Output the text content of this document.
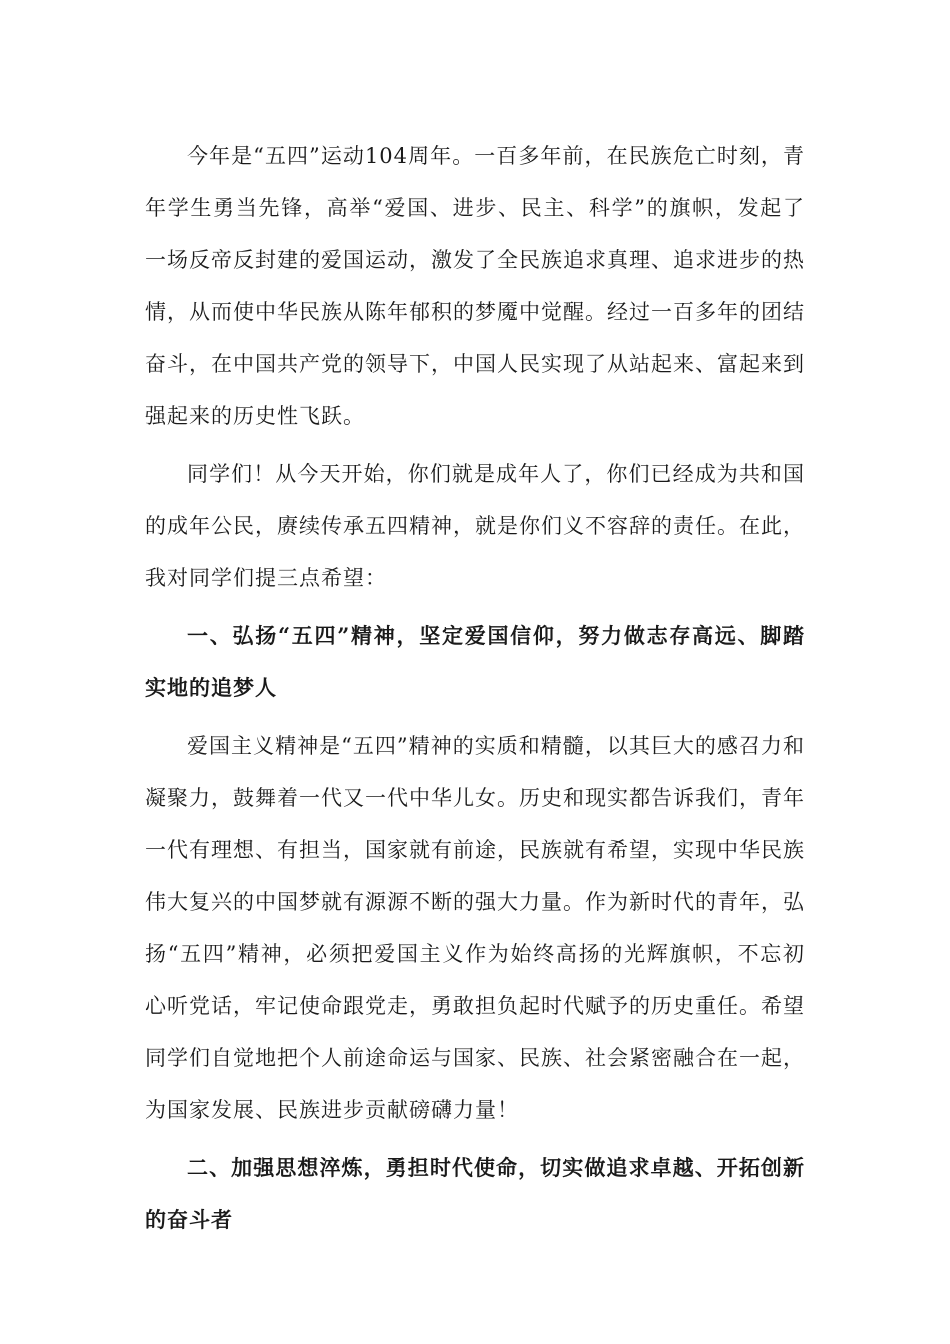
今年是“五四”运动104周年。一百多年前，在民族危亡时刻，青年学生勇当先锋，高举“爱国、进步、民主、科学”的旗帜，发起了一场反帝反封建的爱国运动，激发了全民族追求真理、追求进步的热情，从而使中华民族从陈年郁积的梦魇中觉醒。经过一百多年的团结奋斗，在中国共产党的领导下，中国人民实现了从站起来、富起来到强起来的历史性飞跃。

同学们！从今天开始，你们就是成年人了，你们已经成为共和国的成年公民，赓续传承五四精神，就是你们义不容辞的责任。在此，我对同学们提三点希望：

一、弘扬“五四”精神，坚定爱国信仰，努力做志存高远、脚踏实地的追梦人

爱国主义精神是“五四”精神的实质和精髓，以其巨大的感召力和凝聚力，鼓舞着一代又一代中华儿女。历史和现实都告诉我们，青年一代有理想、有担当，国家就有前途，民族就有希望，实现中华民族伟大复兴的中国梦就有源源不断的强大力量。作为新时代的青年，弘扬“五四”精神，必须把爱国主义作为始终高扬的光辉旗帜，不忘初心听党话，牢记使命跟党走，勇敢担负起时代赋予的历史重任。希望同学们自觉地把个人前途命运与国家、民族、社会紧密融合在一起，为国家发展、民族进步贡献磅礴力量！

二、加强思想淬炼，勇担时代使命，切实做追求卓越、开拓创新的奋斗者
